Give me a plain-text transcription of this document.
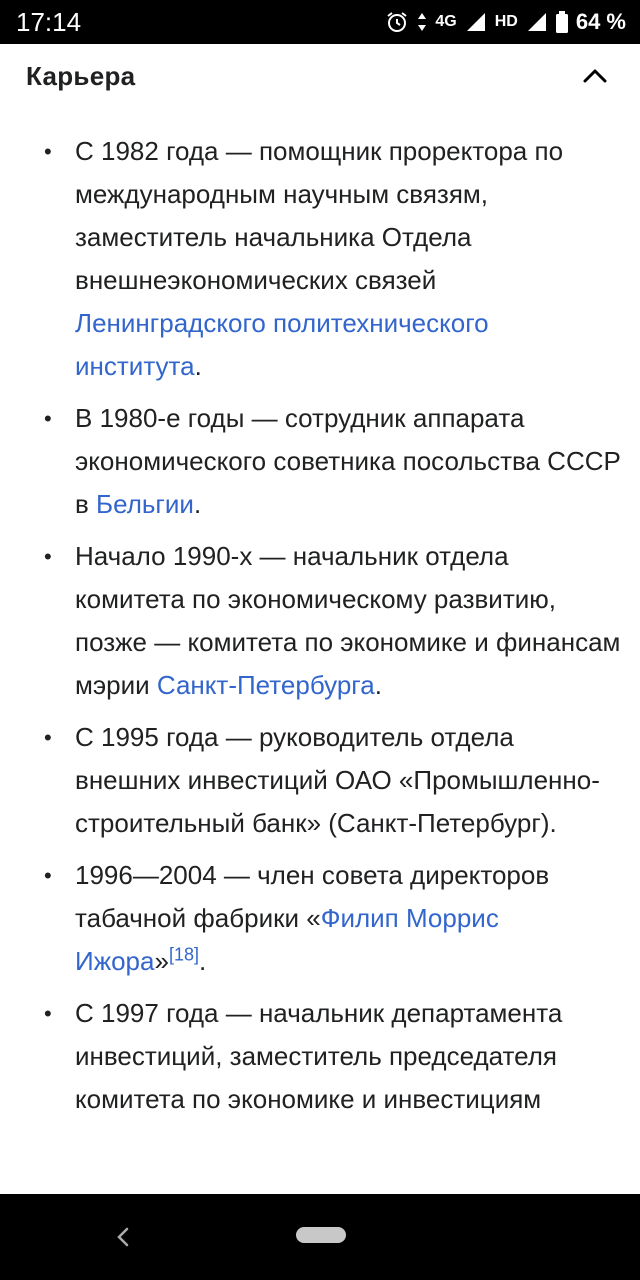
17:14	4G HD	64 %
Карьера
• С 1982 года — помощник проректора по международным научным связям, заместитель начальника Отдела внешнеэкономических связей Ленинградского политехнического института.
• В 1980-е годы — сотрудник аппарата экономического советника посольства СССР в Бельгии.
• Начало 1990-х — начальник отдела комитета по экономическому развитию, позже — комитета по экономике и финансам мэрии Санкт-Петербурга.
• С 1995 года — руководитель отдела внешних инвестиций ОАО «Промышленно-строительный банк» (Санкт-Петербург).
• 1996—2004 — член совета директоров табачной фабрики «Филип Моррис Ижора»[18].
• С 1997 года — начальник департамента инвестиций, заместитель председателя комитета по экономике и инвестициям
